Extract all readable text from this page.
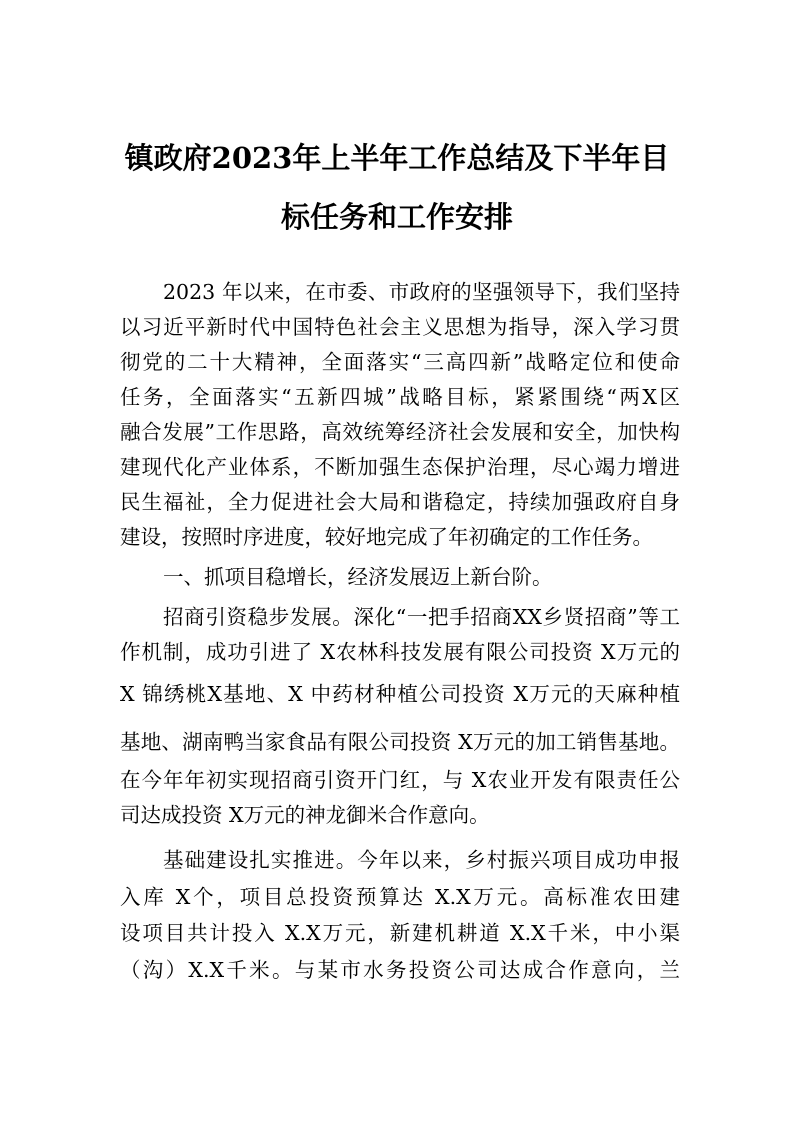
镇政府2023年上半年工作总结及下半年目
标任务和工作安排
2023 年以来，在市委、市政府的坚强领导下，我们坚持
以习近平新时代中国特色社会主义思想为指导，深入学习贯
彻党的二十大精神，全面落实“三高四新”战略定位和使命
任务，全面落实“五新四城”战略目标，紧紧围绕“两X区
融合发展”工作思路，高效统筹经济社会发展和安全，加快构
建现代化产业体系，不断加强生态保护治理，尽心竭力增进
民生福祉，全力促进社会大局和谐稳定，持续加强政府自身
建设，按照时序进度，较好地完成了年初确定的工作任务。
一、抓项目稳增长，经济发展迈上新台阶。
招商引资稳步发展。深化“一把手招商XX乡贤招商”等工
作机制，成功引进了 X农林科技发展有限公司投资 X万元的
X 锦绣桃X基地、X 中药材种植公司投资 X万元的天麻种植
基地、湖南鸭当家食品有限公司投资 X万元的加工销售基地。
在今年年初实现招商引资开门红，与 X农业开发有限责任公
司达成投资 X万元的神龙御米合作意向。
基础建设扎实推进。今年以来，乡村振兴项目成功申报
入库 X个，项目总投资预算达 X.X万元。高标准农田建
设项目共计投入 X.X万元，新建机耕道 X.X千米，中小渠
（沟）X.X千米。与某市水务投资公司达成合作意向，兰
